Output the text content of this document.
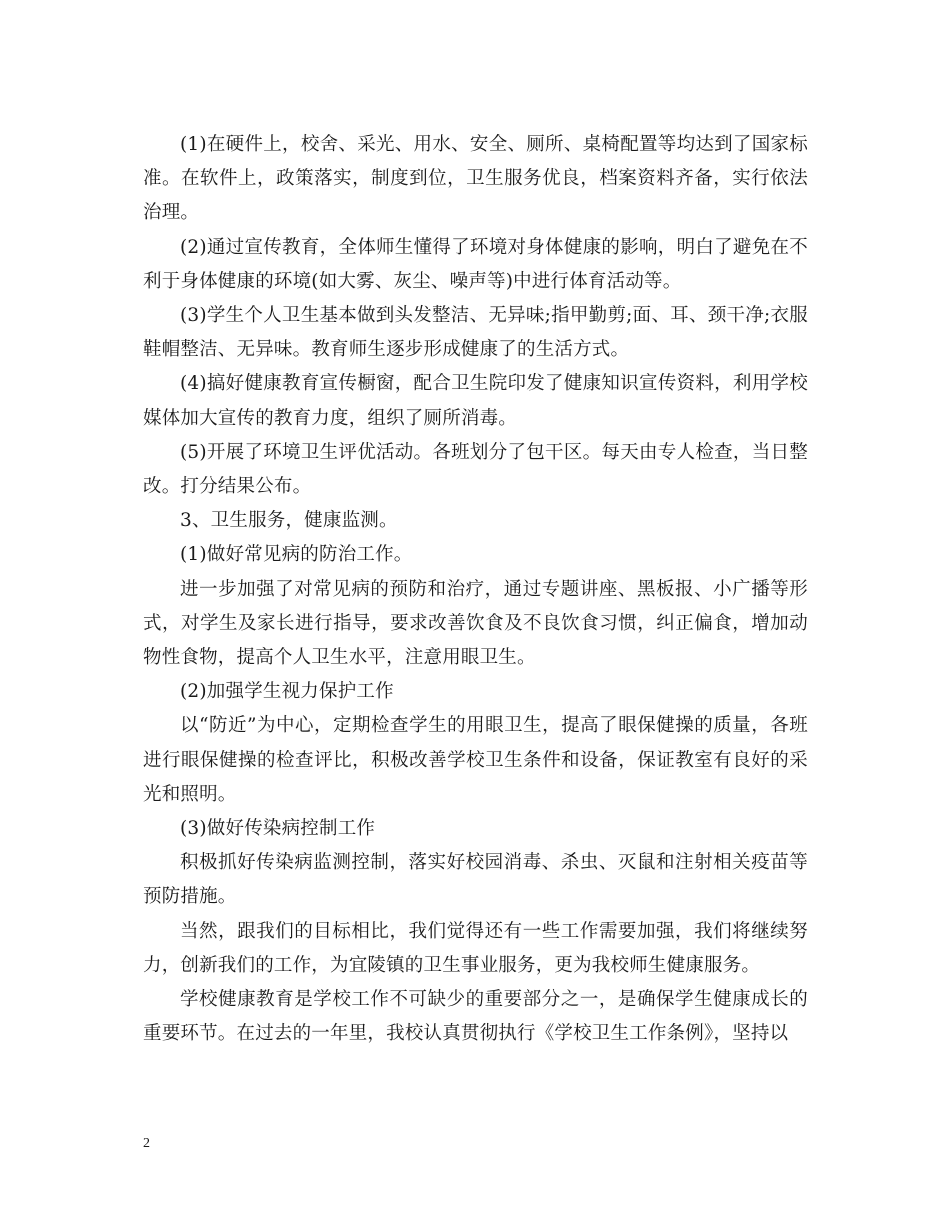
(1)在硬件上，校舍、采光、用水、安全、厕所、桌椅配置等均达到了国家标准。在软件上，政策落实，制度到位，卫生服务优良，档案资料齐备，实行依法治理。

(2)通过宣传教育，全体师生懂得了环境对身体健康的影响，明白了避免在不利于身体健康的环境(如大雾、灰尘、噪声等)中进行体育活动等。

(3)学生个人卫生基本做到头发整洁、无异味;指甲勤剪;面、耳、颈干净;衣服鞋帽整洁、无异味。教育师生逐步形成健康了的生活方式。

(4)搞好健康教育宣传橱窗，配合卫生院印发了健康知识宣传资料，利用学校媒体加大宣传的教育力度，组织了厕所消毒。

(5)开展了环境卫生评优活动。各班划分了包干区。每天由专人检查，当日整改。打分结果公布。

3、卫生服务，健康监测。

(1)做好常见病的防治工作。

进一步加强了对常见病的预防和治疗，通过专题讲座、黑板报、小广播等形式，对学生及家长进行指导，要求改善饮食及不良饮食习惯，纠正偏食，增加动物性食物，提高个人卫生水平，注意用眼卫生。

(2)加强学生视力保护工作

以“防近”为中心，定期检查学生的用眼卫生，提高了眼保健操的质量，各班进行眼保健操的检查评比，积极改善学校卫生条件和设备，保证教室有良好的采光和照明。

(3)做好传染病控制工作

积极抓好传染病监测控制，落实好校园消毒、杀虫、灭鼠和注射相关疫苗等预防措施。

当然，跟我们的目标相比，我们觉得还有一些工作需要加强，我们将继续努力，创新我们的工作，为宜陵镇的卫生事业服务，更为我校师生健康服务。

学校健康教育是学校工作不可缺少的重要部分之一，是确保学生健康成长的重要环节。在过去的一年里，我校认真贯彻执行《学校卫生工作条例》，坚持以

2
